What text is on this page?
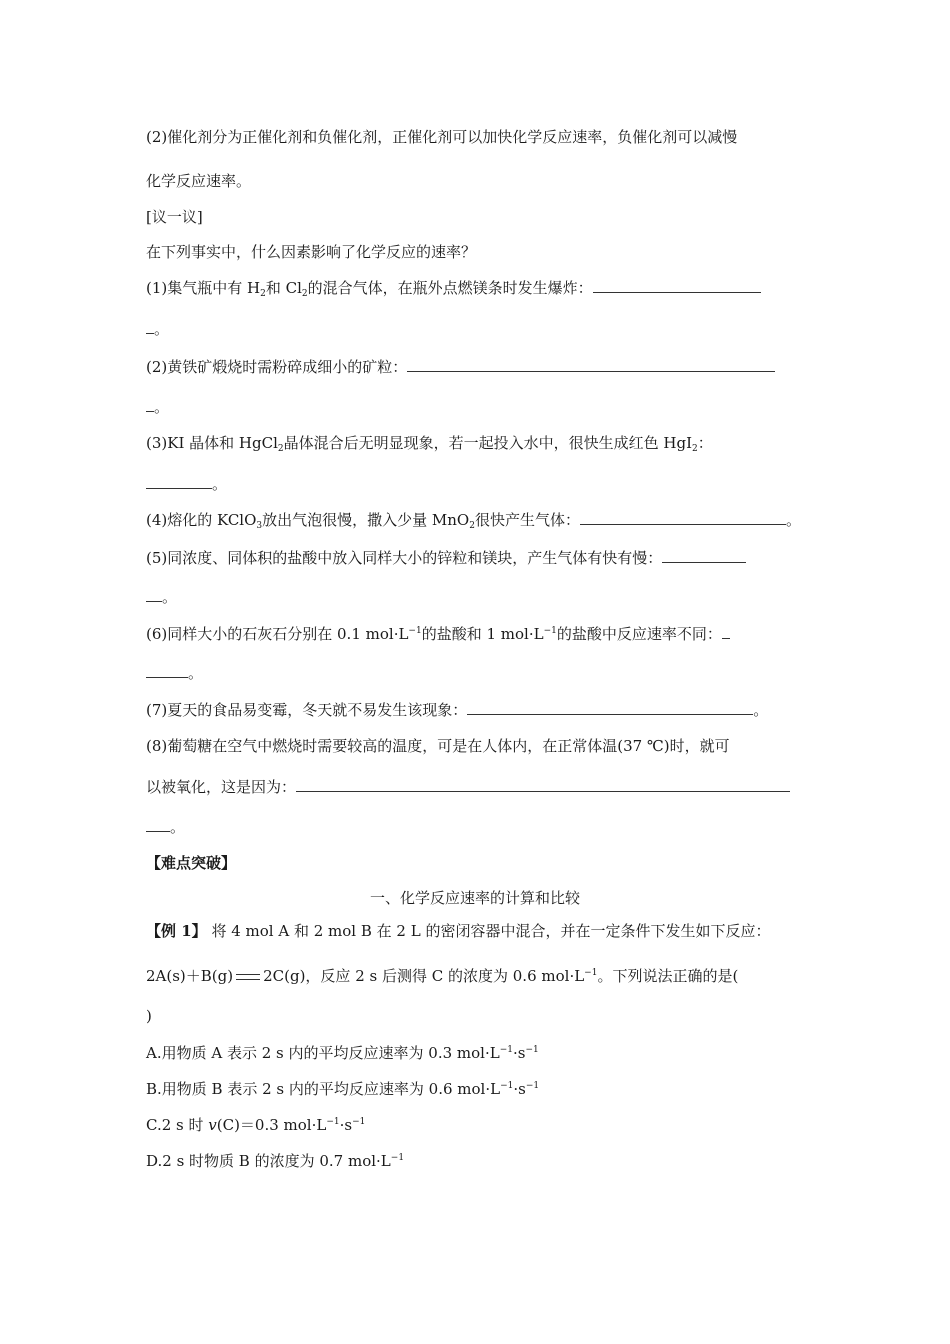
(2)催化剂分为正催化剂和负催化剂，正催化剂可以加快化学反应速率，负催化剂可以减慢
化学反应速率。
[议一议]
在下列事实中，什么因素影响了化学反应的速率？
(1)集气瓶中有 $H_2$和 $Cl_2$的混合气体，在瓶外点燃镁条时发生爆炸：
。
(2)黄铁矿煅烧时需粉碎成细小的矿粒：
。
(3)KI 晶体和 HgCl$_2$晶体混合后无明显现象，若一起投入水中，很快生成红色 HgI$_2$：
。
(4)熔化的 KClO$_3$放出气泡很慢，撒入少量 MnO$_2$很快产生气体：	。
(5)同浓度、同体积的盐酸中放入同样大小的锌粒和镁块，产生气体有快有慢：
。
(6)同样大小的石灰石分别在 0.1 $mol\cdot L^{-1}$的盐酸和 1 $mol\cdot L^{-1}$的盐酸中反应速率不同：
。
(7)夏天的食品易变霉，冬天就不易发生该现象：	。
(8)葡萄糖在空气中燃烧时需要较高的温度，可是在人体内，在正常体温(37 ℃)时，就可
以被氧化，这是因为：
。
【难点突破】
一、化学反应速率的计算和比较
【例 1】 将 4 mol A 和 2 mol B 在 2 L 的密闭容器中混合，并在一定条件下发生如下反应：
2A(s)＋B(g) 2C(g)，反应 2 s 后测得 C 的浓度为 0.6 $mol\cdot L^{-1}$。下列说法正确的是(
)
A.用物质 A 表示 2 s 内的平均反应速率为 0.3 $mol\cdot L^{-1}\cdot s^{-1}$
B.用物质 B 表示 2 s 内的平均反应速率为 0.6 $mol\cdot L^{-1}\cdot s^{-1}$
C.2 s 时 v(C)＝0.3 $mol\cdot L^{-1}\cdot s^{-1}$
D.2 s 时物质 B 的浓度为 0.7 $mol\cdot L^{-1}$
